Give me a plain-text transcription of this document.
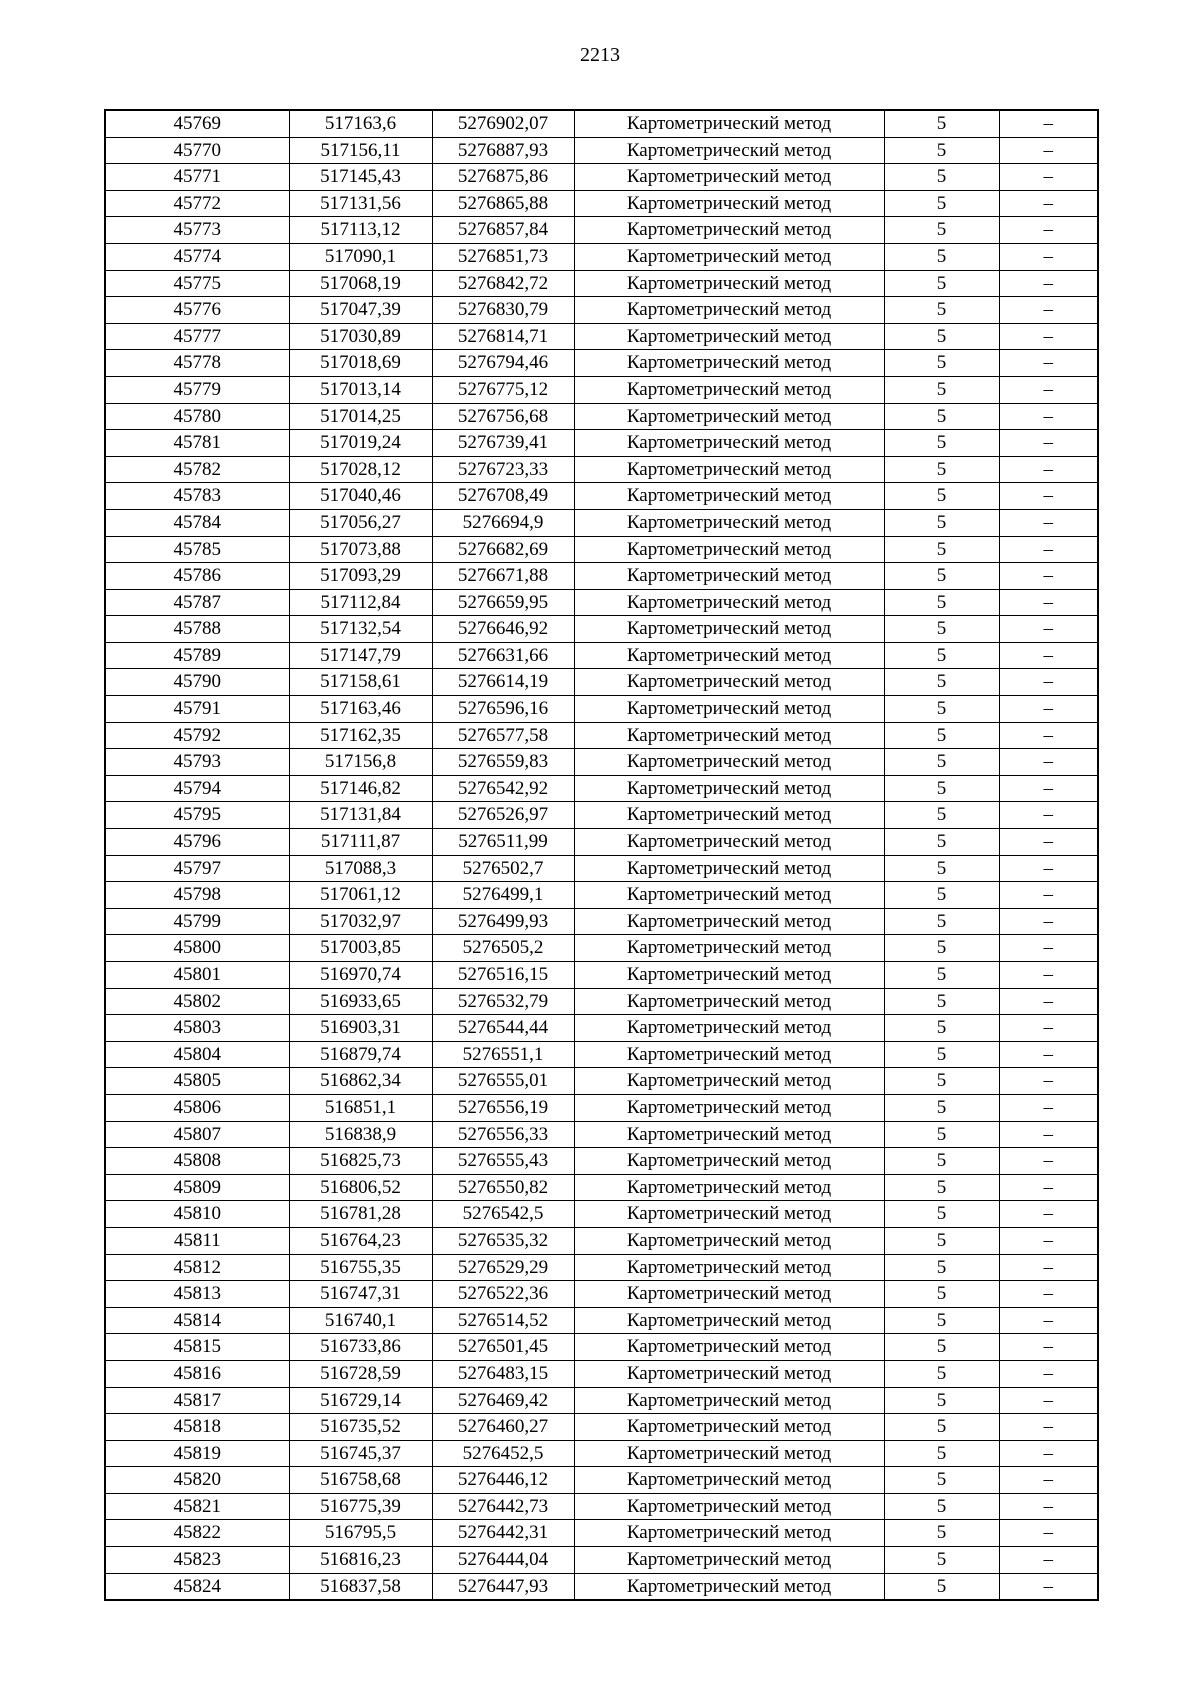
2213
45769	517163,6	5276902,07	Картометрический метод	5	–
45770	517156,11	5276887,93	Картометрический метод	5	–
45771	517145,43	5276875,86	Картометрический метод	5	–
45772	517131,56	5276865,88	Картометрический метод	5	–
45773	517113,12	5276857,84	Картометрический метод	5	–
45774	517090,1	5276851,73	Картометрический метод	5	–
45775	517068,19	5276842,72	Картометрический метод	5	–
45776	517047,39	5276830,79	Картометрический метод	5	–
45777	517030,89	5276814,71	Картометрический метод	5	–
45778	517018,69	5276794,46	Картометрический метод	5	–
45779	517013,14	5276775,12	Картометрический метод	5	–
45780	517014,25	5276756,68	Картометрический метод	5	–
45781	517019,24	5276739,41	Картометрический метод	5	–
45782	517028,12	5276723,33	Картометрический метод	5	–
45783	517040,46	5276708,49	Картометрический метод	5	–
45784	517056,27	5276694,9	Картометрический метод	5	–
45785	517073,88	5276682,69	Картометрический метод	5	–
45786	517093,29	5276671,88	Картометрический метод	5	–
45787	517112,84	5276659,95	Картометрический метод	5	–
45788	517132,54	5276646,92	Картометрический метод	5	–
45789	517147,79	5276631,66	Картометрический метод	5	–
45790	517158,61	5276614,19	Картометрический метод	5	–
45791	517163,46	5276596,16	Картометрический метод	5	–
45792	517162,35	5276577,58	Картометрический метод	5	–
45793	517156,8	5276559,83	Картометрический метод	5	–
45794	517146,82	5276542,92	Картометрический метод	5	–
45795	517131,84	5276526,97	Картометрический метод	5	–
45796	517111,87	5276511,99	Картометрический метод	5	–
45797	517088,3	5276502,7	Картометрический метод	5	–
45798	517061,12	5276499,1	Картометрический метод	5	–
45799	517032,97	5276499,93	Картометрический метод	5	–
45800	517003,85	5276505,2	Картометрический метод	5	–
45801	516970,74	5276516,15	Картометрический метод	5	–
45802	516933,65	5276532,79	Картометрический метод	5	–
45803	516903,31	5276544,44	Картометрический метод	5	–
45804	516879,74	5276551,1	Картометрический метод	5	–
45805	516862,34	5276555,01	Картометрический метод	5	–
45806	516851,1	5276556,19	Картометрический метод	5	–
45807	516838,9	5276556,33	Картометрический метод	5	–
45808	516825,73	5276555,43	Картометрический метод	5	–
45809	516806,52	5276550,82	Картометрический метод	5	–
45810	516781,28	5276542,5	Картометрический метод	5	–
45811	516764,23	5276535,32	Картометрический метод	5	–
45812	516755,35	5276529,29	Картометрический метод	5	–
45813	516747,31	5276522,36	Картометрический метод	5	–
45814	516740,1	5276514,52	Картометрический метод	5	–
45815	516733,86	5276501,45	Картометрический метод	5	–
45816	516728,59	5276483,15	Картометрический метод	5	–
45817	516729,14	5276469,42	Картометрический метод	5	–
45818	516735,52	5276460,27	Картометрический метод	5	–
45819	516745,37	5276452,5	Картометрический метод	5	–
45820	516758,68	5276446,12	Картометрический метод	5	–
45821	516775,39	5276442,73	Картометрический метод	5	–
45822	516795,5	5276442,31	Картометрический метод	5	–
45823	516816,23	5276444,04	Картометрический метод	5	–
45824	516837,58	5276447,93	Картометрический метод	5	–
